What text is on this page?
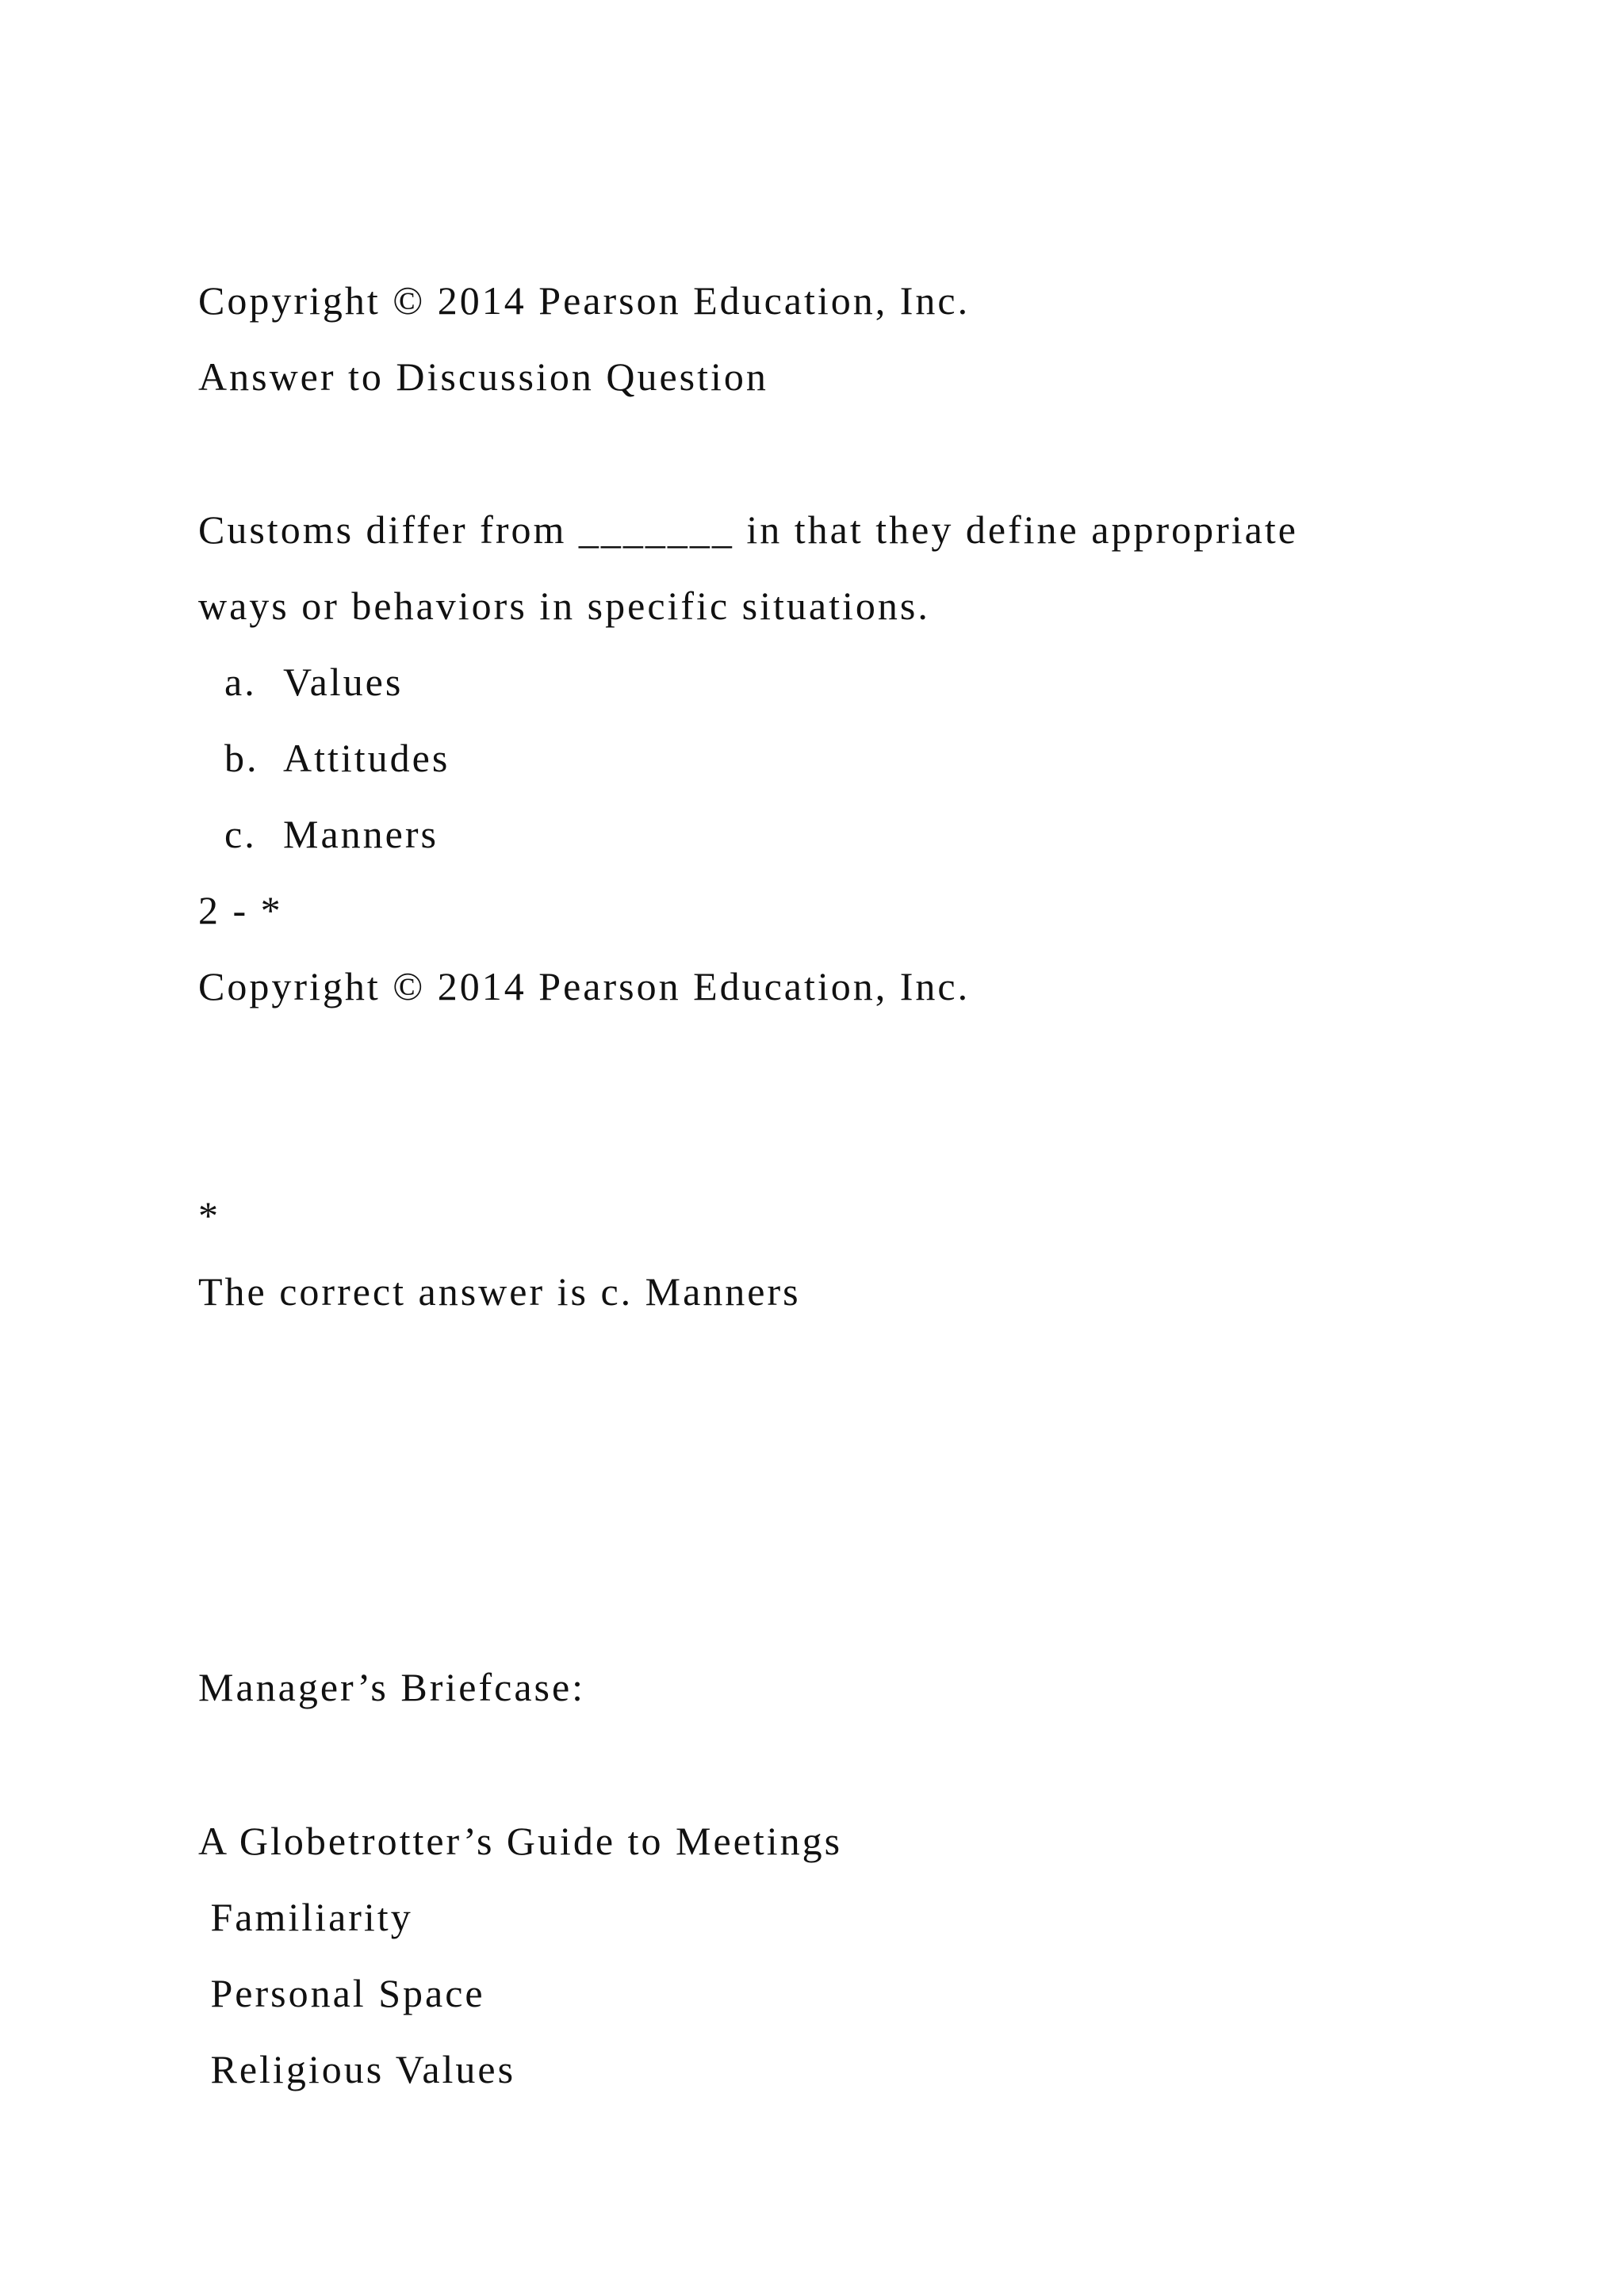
Copyright © 2014 Pearson Education, Inc.

Answer to Discussion Question

Customs differ from _______ in that they define appropriate

ways or behaviors in specific situations.

a. Values

b. Attitudes

c. Manners

2 - *

Copyright © 2014 Pearson Education, Inc.

*

The correct answer is c. Manners

Manager’s Briefcase:

A Globetrotter’s Guide to Meetings

Familiarity

Personal Space

Religious Values
